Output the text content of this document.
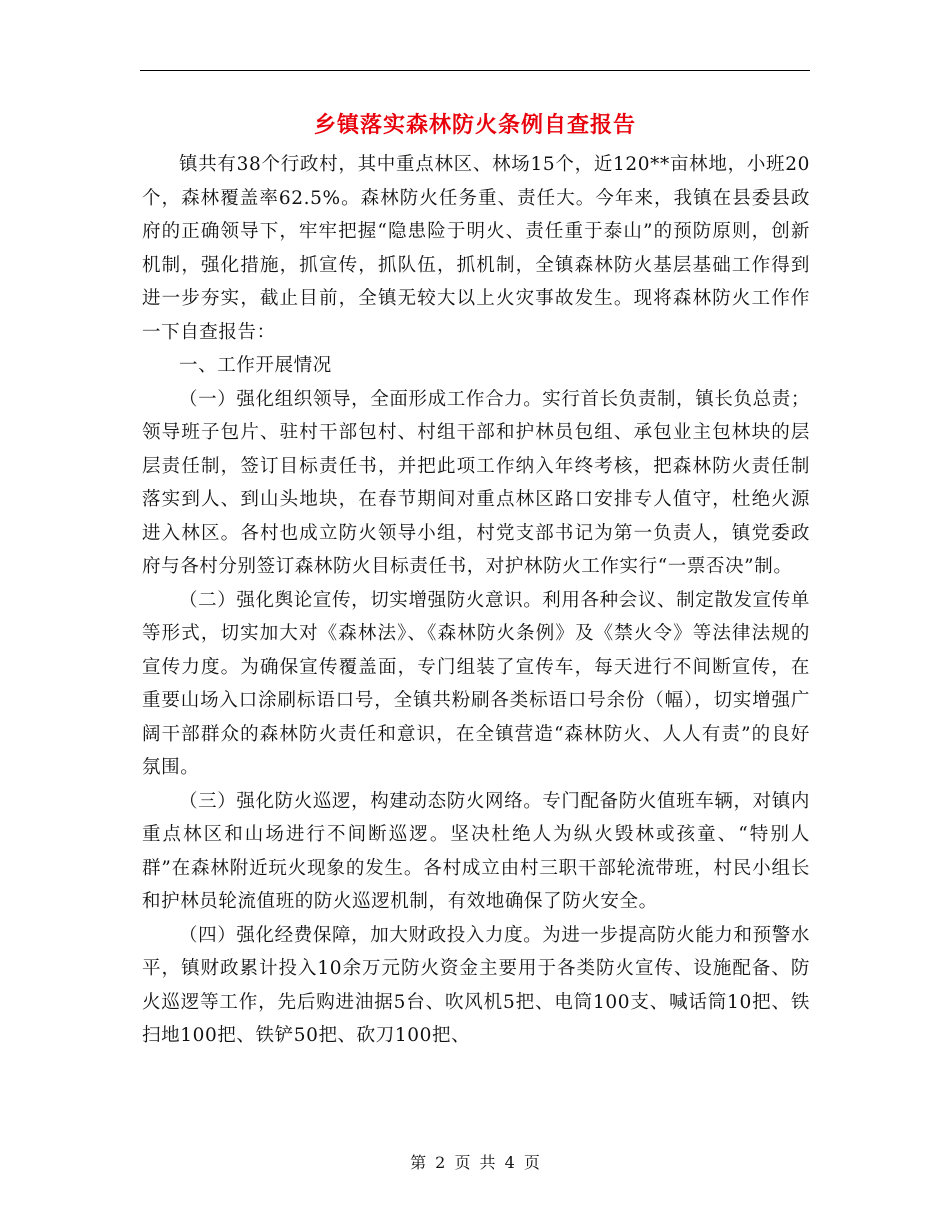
乡镇落实森林防火条例自查报告

镇共有38个行政村，其中重点林区、林场15个，近120**亩林地，小班20个，森林覆盖率62.5%。森林防火任务重、责任大。今年来，我镇在县委县政府的正确领导下，牢牢把握“隐患险于明火、责任重于泰山”的预防原则，创新机制，强化措施，抓宣传，抓队伍，抓机制，全镇森林防火基层基础工作得到进一步夯实，截止目前，全镇无较大以上火灾事故发生。现将森林防火工作作一下自查报告：

一、工作开展情况

（一）强化组织领导，全面形成工作合力。实行首长负责制，镇长负总责；领导班子包片、驻村干部包村、村组干部和护林员包组、承包业主包林块的层层责任制，签订目标责任书，并把此项工作纳入年终考核，把森林防火责任制落实到人、到山头地块，在春节期间对重点林区路口安排专人值守，杜绝火源进入林区。各村也成立防火领导小组，村党支部书记为第一负责人，镇党委政府与各村分别签订森林防火目标责任书，对护林防火工作实行“一票否决”制。

（二）强化舆论宣传，切实增强防火意识。利用各种会议、制定散发宣传单等形式，切实加大对《森林法》、《森林防火条例》及《禁火令》等法律法规的宣传力度。为确保宣传覆盖面，专门组装了宣传车，每天进行不间断宣传，在重要山场入口涂刷标语口号，全镇共粉刷各类标语口号余份（幅），切实增强广阔干部群众的森林防火责任和意识，在全镇营造“森林防火、人人有责”的良好氛围。

（三）强化防火巡逻，构建动态防火网络。专门配备防火值班车辆，对镇内重点林区和山场进行不间断巡逻。坚决杜绝人为纵火毁林或孩童、“特别人群”在森林附近玩火现象的发生。各村成立由村三职干部轮流带班，村民小组长和护林员轮流值班的防火巡逻机制，有效地确保了防火安全。

（四）强化经费保障，加大财政投入力度。为进一步提高防火能力和预警水平，镇财政累计投入10余万元防火资金主要用于各类防火宣传、设施配备、防火巡逻等工作，先后购进油据5台、吹风机5把、电筒100支、喊话筒10把、铁扫地100把、铁铲50把、砍刀100把、

第 2 页 共 4 页
